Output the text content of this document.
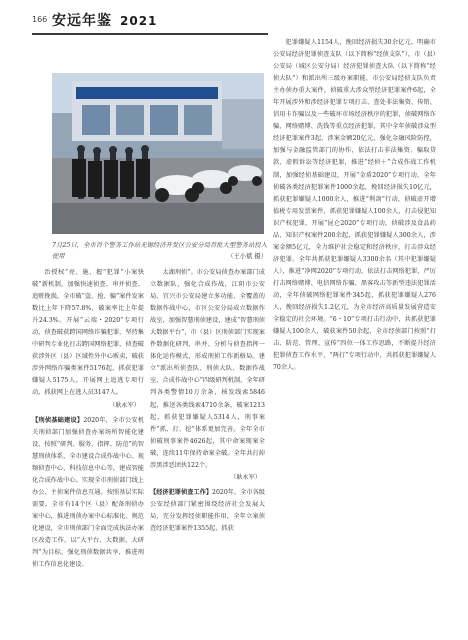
166 安远年鉴 2021
7月25日，全市首个警务工作站无锡经济开发区公安分局首批大型警务站投入使用	（王小斌 摄）

治授权“亮、施、握”犯罪“小案快破”新机制，加强快速侦查、串并侦查、追赃挽损，全市破“盗、抢、骗”案件发案数比上年下降57.8%，破案率比上年提升24.3%。开展“云端・2020”专项行动，侦查破获跨国网络诈骗犯罪，坚持集中研判专业化打击跨国网络犯罪，侦查破获涉外区（县）区域性外中心贩卖，破获涉外网络诈骗类案件5176起，抓获犯罪嫌疑人5175人，开展网上追逃专项行动，抓获网上在逃人员3147人。

（耿永军）

【刑侦基础建设】2020年，全市公安机关刑侦部门加强侦查办案场所智能化建设，按照“研判、服务、指挥、防范”的智慧刑侦体系，全市建设合成作战中心、视频侦查中心、科技信息中心等，建成智能化合成作战中心。实现全市刑侦部门线上办公、主侦案件信息互通。按照基层实际需要，全市有14个区（县）配备刑侦办案中心，推进刑侦办案中心标准化、规范化建设，全市刑侦部门全面完成执法办案区改造工作，以“大平台、大数据、大研判”为目标，强化刑侦数据共享，推进刑侦工作信息化建设。

太湖刑侦”。市公安局侦查办案部门成立数据队，强化合成作战，江阴市公安局、宜兴市公安局建立多功能、全覆盖的数据作战中心，市区公安分局成立数据作战室，加强智慧刑侦建设，建成“智慧刑侦大数据平台”，市（县）区刑侦部门实现案件数据化研判、串并、分析与侦查指挥一体化运作模式，形成刑侦工作新格局。建立“派出所侦查队、刑侦大队、数据作战室、合成作战中心”四级研判机制，全年研判各类警情10万余条，核发线索5846起，推送各类线索4710余条，破案1213起，抓获犯罪嫌疑人5314人，刑事案件“抓、打、挖”体系更加完善。全年全市侦破刑事案件4626起，其中命案现案全破，连续11年保持命案全破。全年共打掉涉黑涉恶团伙122个。

（耿永军）

【经济犯罪侦查工作】2020年，全市各级公安经侦部门紧密围绕经济社会发展大局，充分发挥经侦职能作用，全年立案侦查经济犯罪案件1355起，抓获

犯罪嫌疑人1154人，挽回经济损失30余亿元。明确市公安局经济犯罪侦查支队（以下简称“经侦支队”），市（县）公安局（城区公安分局）经济犯罪侦查大队（以下简称“经侦大队”）和派出所三级办案职能，市公安局经侦支队负责主办侦办重大案件，侦破重大涉众型经济犯罪案件6起，全年开展涉外和涉经济犯罪专项打击、查处非法集资、传销、信用卡诈骗以及一些破坏市场经济秩序的犯罪，侦破网络诈骗、网络赌博、洗钱等重点经济犯罪，其中全年侦破涉众型经济犯罪案件3起，涉案金额20亿元，强化金融风险防控，加强与金融监管部门的协作，依法打击非法集资、骗取贷款、虚假诉讼等经济犯罪，推进“经侦＋”合成作战工作机制，加强经侦基础建设，开展“金盾2020”专项行动，全年侦破各类经济犯罪案件1000余起，挽回经济损失10亿元，抓获犯罪嫌疑人1000余人，推进“利剑”行动，侦破虚开增值税专用发票案件，抓获犯罪嫌疑人100余人，打击侵犯知识产权犯罪，开展“昆仑2020”专项行动，侦破涉及食品药品、知识产权案件200余起，抓获犯罪嫌疑人300余人，涉案金额5亿元，全力维护社会稳定和经济秩序，打击涉众经济犯罪。全年共抓获犯罪嫌疑人3300余名（其中犯罪嫌疑人），推进“净网2020”专项行动，依法打击网络犯罪，严厉打击网络赌博、电信网络诈骗、黑客攻击等新型违法犯罪活动，全年侦破网络犯罪案件345起，抓获犯罪嫌疑人276人，挽回经济损失1.2亿元，为全市经济高质量发展营造安全稳定的社会环境。“6・10”专项打击行动中，共抓获犯罪嫌疑人100余人，破获案件50余起，全市经侦部门按照“打击、防范、管理、宣传”四位一体工作思路，不断提升经济犯罪侦查工作水平，“两打”专项行动中，共抓获犯罪嫌疑人70余人。
